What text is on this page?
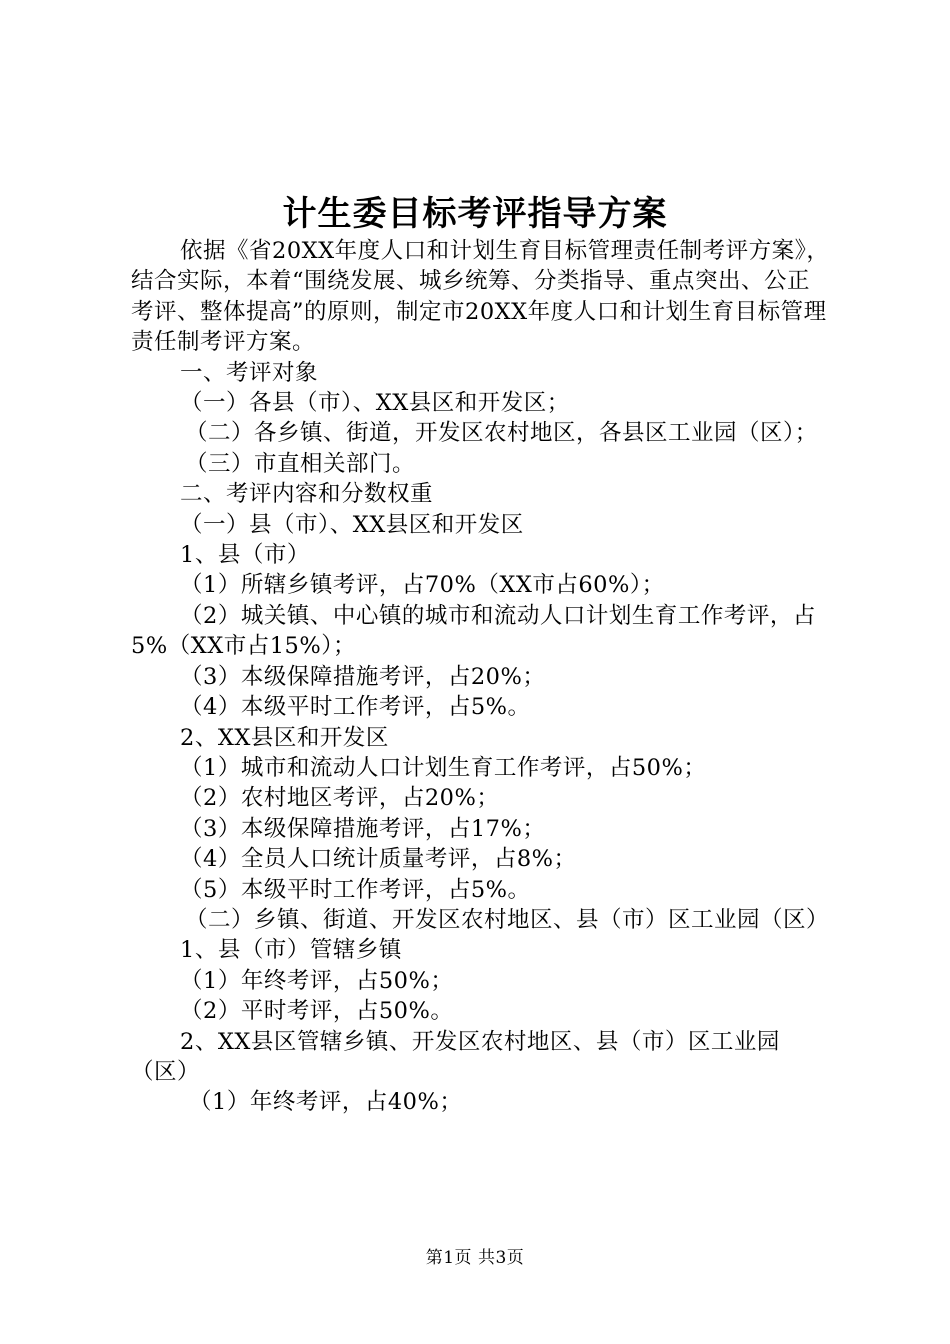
计生委目标考评指导方案

依据《省20XX年度人口和计划生育目标管理责任制考评方案》，结合实际，本着“围绕发展、城乡统筹、分类指导、重点突出、公正考评、整体提高”的原则，制定市20XX年度人口和计划生育目标管理责任制考评方案。

一、考评对象

（一）各县（市）、XX县区和开发区；

（二）各乡镇、街道，开发区农村地区，各县区工业园（区）；

（三）市直相关部门。

二、考评内容和分数权重

（一）县（市）、XX县区和开发区

1、县（市）

（1）所辖乡镇考评，占70%（XX市占60%）；

（2）城关镇、中心镇的城市和流动人口计划生育工作考评，占5%（XX市占15%）；

（3）本级保障措施考评，占20%；

（4）本级平时工作考评，占5%。

2、XX县区和开发区

（1）城市和流动人口计划生育工作考评，占50%；

（2）农村地区考评，占20%；

（3）本级保障措施考评，占17%；

（4）全员人口统计质量考评，占8%；

（5）本级平时工作考评，占5%。

（二）乡镇、街道、开发区农村地区、县（市）区工业园（区）

1、县（市）管辖乡镇

（1）年终考评，占50%；

（2）平时考评，占50%。

2、XX县区管辖乡镇、开发区农村地区、县（市）区工业园（区）

（1）年终考评，占40%；

第1页 共3页
